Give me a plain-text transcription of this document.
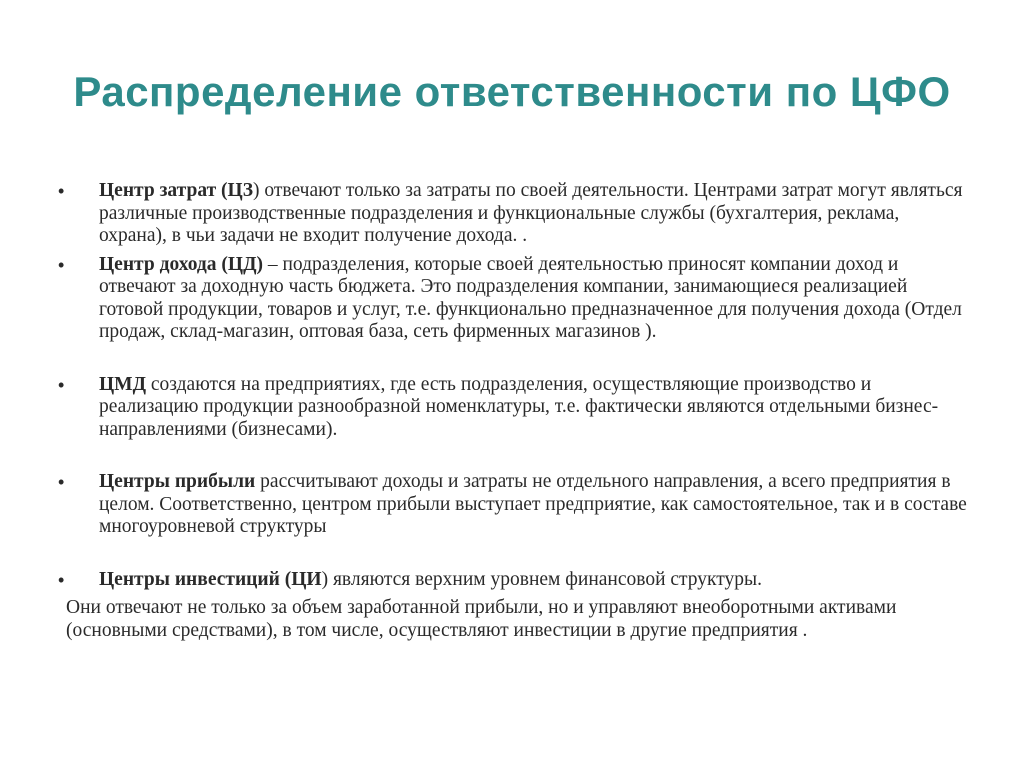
Распределение ответственности по ЦФО
•	Центр затрат (ЦЗ) отвечают только за затраты по своей деятельности. Центрами затрат могут являться различные производственные подразделения и функциональные службы (бухгалтерия, реклама, охрана), в чьи задачи не входит получение дохода. .
•	Центр дохода (ЦД) – подразделения, которые своей деятельностью приносят компании доход и отвечают за доходную часть бюджета. Это подразделения компании, занимающиеся реализацией готовой продукции, товаров и услуг, т.е. функционально предназначенное для получения дохода (Отдел продаж, склад-магазин, оптовая база, сеть фирменных магазинов ).
•	ЦМД создаются на предприятиях, где есть подразделения, осуществляющие производство и реализацию продукции разнообразной номенклатуры, т.е. фактически являются отдельными бизнес-направлениями (бизнесами).
•	Центры прибыли рассчитывают доходы и затраты не отдельного направления, а всего предприятия в целом. Соответственно, центром прибыли выступает предприятие, как самостоятельное, так и в составе многоуровневой структуры
•	Центры инвестиций (ЦИ) являются верхним уровнем финансовой структуры.
Они отвечают не только за объем заработанной прибыли, но и управляют внеоборотными активами (основными средствами), в том числе, осуществляют инвестиции в другие предприятия .
